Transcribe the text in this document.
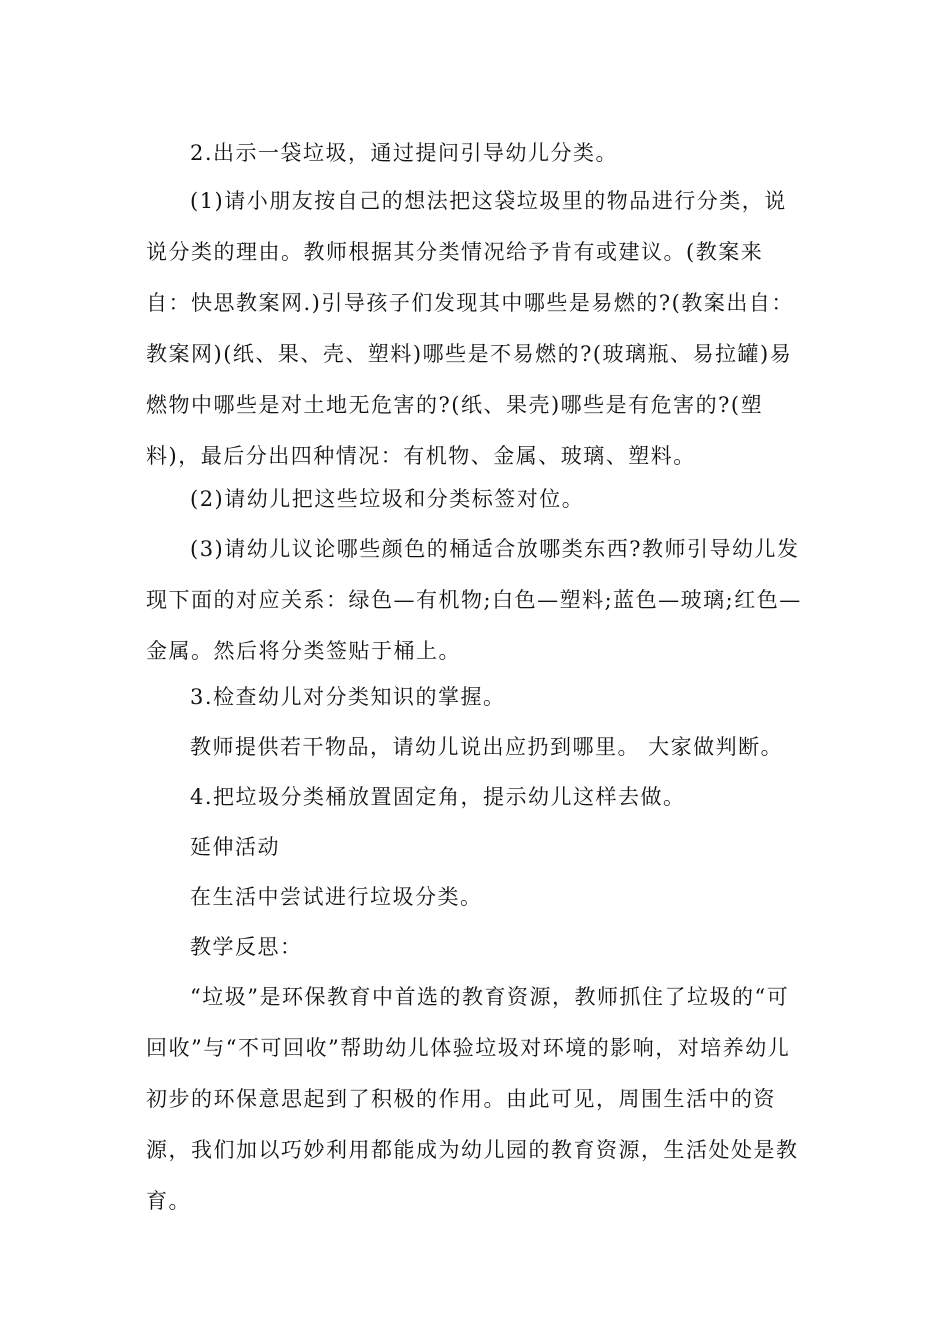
2.出示一袋垃圾，通过提问引导幼儿分类。

(1)请小朋友按自己的想法把这袋垃圾里的物品进行分类，说说分类的理由。教师根据其分类情况给予肯有或建议。(教案来自：快思教案网.)引导孩子们发现其中哪些是易燃的?(教案出自：教案网)(纸、果、壳、塑料)哪些是不易燃的?(玻璃瓶、易拉罐)易燃物中哪些是对土地无危害的?(纸、果壳)哪些是有危害的?(塑料)，最后分出四种情况：有机物、金属、玻璃、塑料。

(2)请幼儿把这些垃圾和分类标签对位。

(3)请幼儿议论哪些颜色的桶适合放哪类东西?教师引导幼儿发现下面的对应关系：绿色—有机物;白色—塑料;蓝色—玻璃;红色—金属。然后将分类签贴于桶上。

3.检查幼儿对分类知识的掌握。

教师提供若干物品，请幼儿说出应扔到哪里。 大家做判断。

4.把垃圾分类桶放置固定角，提示幼儿这样去做。

延伸活动

在生活中尝试进行垃圾分类。

教学反思：

“垃圾”是环保教育中首选的教育资源，教师抓住了垃圾的“可回收”与“不可回收”帮助幼儿体验垃圾对环境的影响，对培养幼儿初步的环保意思起到了积极的作用。由此可见，周围生活中的资源，我们加以巧妙利用都能成为幼儿园的教育资源，生活处处是教育。
